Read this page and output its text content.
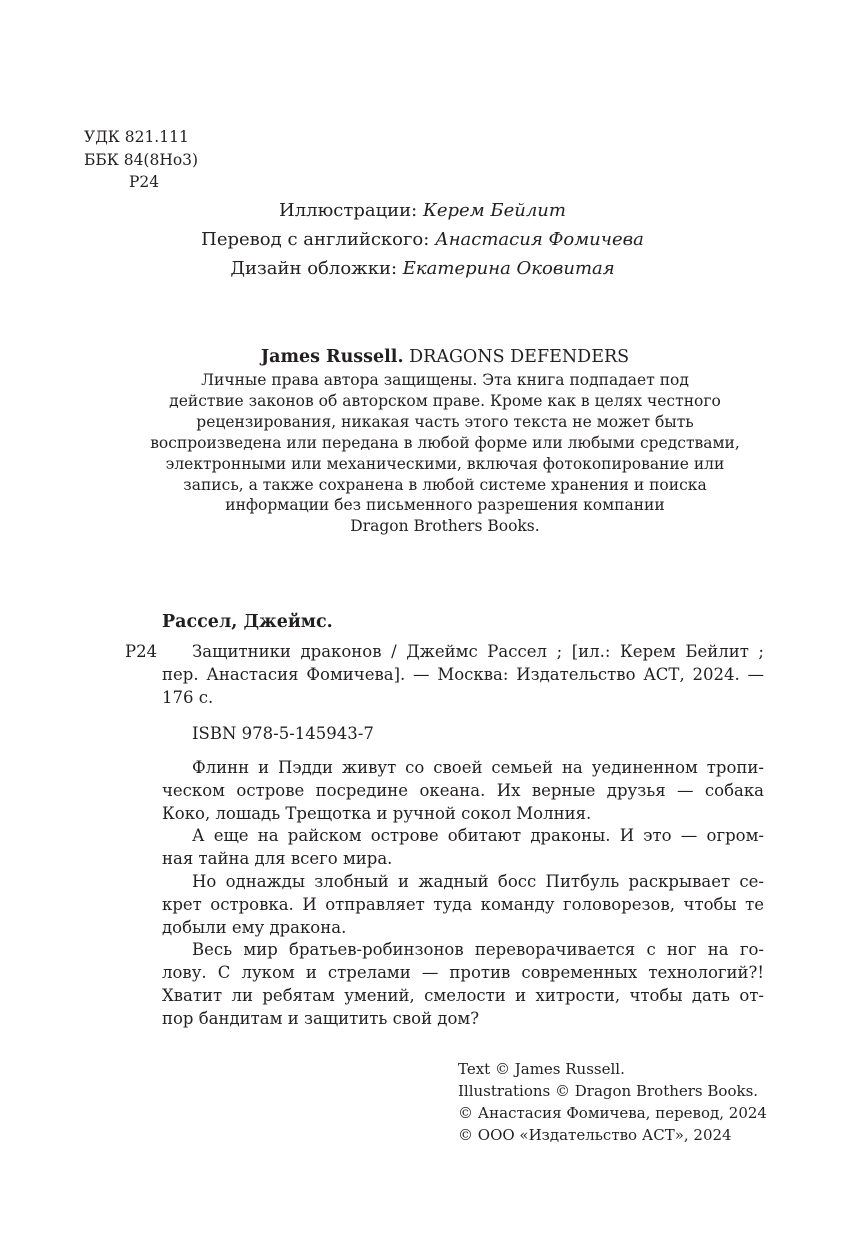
УДК 821.111
ББК 84(8Но3)
Р24
Иллюстрации: Керем Бейлит
Перевод с английского: Анастасия Фомичева
Дизайн обложки: Екатерина Оковитая
James Russell. DRAGONS DEFENDERS
Личные права автора защищены. Эта книга подпадает под
действие законов об авторском праве. Кроме как в целях честного
рецензирования, никакая часть этого текста не может быть
воспроизведена или передана в любой форме или любыми средствами,
электронными или механическими, включая фотокопирование или
запись, а также сохранена в любой системе хранения и поиска
информации без письменного разрешения компании
Dragon Brothers Books.
Рассел, Джеймс.
Р24	Защитники драконов / Джеймс Рассел ; [ил.: Керем Бейлит ;
пер. Анастасия Фомичева]. — Москва: Издательство АСТ, 2024. —
176 с.
ISBN 978-5-145943-7
Флинн и Пэдди живут со своей семьей на уединенном тропи-
ческом острове посредине океана. Их верные друзья — собака
Коко, лошадь Трещотка и ручной сокол Молния.
А еще на райском острове обитают драконы. И это — огром-
ная тайна для всего мира.
Но однажды злобный и жадный босс Питбуль раскрывает се-
крет островка. И отправляет туда команду головорезов, чтобы те
добыли ему дракона.
Весь мир братьев-робинзонов переворачивается с ног на го-
лову. С луком и стрелами — против современных технологий?!
Хватит ли ребятам умений, смелости и хитрости, чтобы дать от-
пор бандитам и защитить свой дом?
Text © James Russell.
Illustrations © Dragon Brothers Books.
© Анастасия Фомичева, перевод, 2024
© ООО «Издательство АСТ», 2024
